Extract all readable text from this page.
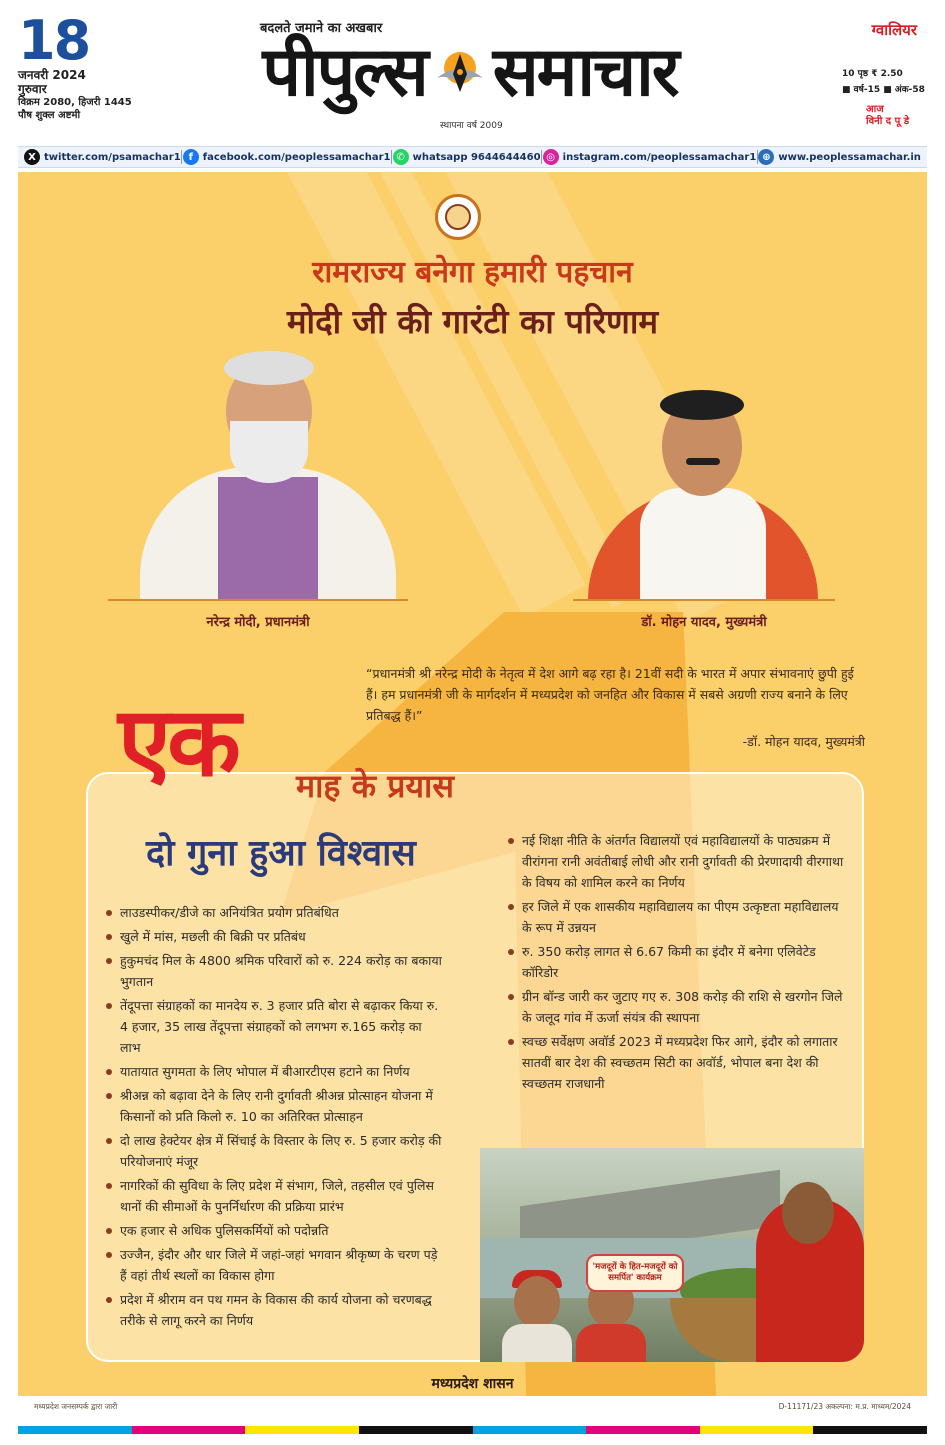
18
जनवरी 2024
गुरुवार
विक्रम 2080, हिजरी 1445
पौष शुक्ल अष्टमी
बदलते जमाने का अखबार
पीपुल्स समाचार
स्थापना वर्ष 2009
ग्वालियर
10 पृष्ठ ₹ 2.50
■ वर्ष-15 ■ अंक-58
आज
विनी द पू डे
X twitter.com/psamachar1 f facebook.com/peoplessamachar1 ✆ whatsapp 9644644460 ◎ instagram.com/peoplessamachar1 ⊕ www.peoplessamachar.in
रामराज्य बनेगा हमारी पहचान
मोदी जी की गारंटी का परिणाम
नरेन्द्र मोदी, प्रधानमंत्री	डॉ. मोहन यादव, मुख्यमंत्री

“प्रधानमंत्री श्री नरेन्द्र मोदी के नेतृत्व में देश आगे बढ़ रहा है। 21वीं सदी के भारत में अपार संभावनाएं छुपी हुई हैं। हम प्रधानमंत्री जी के मार्गदर्शन में मध्यप्रदेश को जनहित और विकास में सबसे अग्रणी राज्य बनाने के लिए प्रतिबद्ध हैं।”

-डॉ. मोहन यादव, मुख्यमंत्री
एक माह के प्रयास
दो गुना हुआ विश्वास
लाउडस्पीकर/डीजे का अनियंत्रित प्रयोग प्रतिबंधित
खुले में मांस, मछली की बिक्री पर प्रतिबंध
हुकुमचंद मिल के 4800 श्रमिक परिवारों को रु. 224 करोड़ का बकाया भुगतान
तेंदूपत्ता संग्राहकों का मानदेय रु. 3 हजार प्रति बोरा से बढ़ाकर किया रु. 4 हजार, 35 लाख तेंदूपत्ता संग्राहकों को लगभग रु.165 करोड़ का लाभ
यातायात सुगमता के लिए भोपाल में बीआरटीएस हटाने का निर्णय
श्रीअन्न को बढ़ावा देने के लिए रानी दुर्गावती श्रीअन्न प्रोत्साहन योजना में किसानों को प्रति किलो रु. 10 का अतिरिक्त प्रोत्साहन
दो लाख हेक्टेयर क्षेत्र में सिंचाई के विस्तार के लिए रु. 5 हजार करोड़ की परियोजनाएं मंजूर
नागरिकों की सुविधा के लिए प्रदेश में संभाग, जिले, तहसील एवं पुलिस थानों की सीमाओं के पुनर्निर्धारण की प्रक्रिया प्रारंभ
एक हजार से अधिक पुलिसकर्मियों को पदोन्नति
उज्जैन, इंदौर और धार जिले में जहां-जहां भगवान श्रीकृष्ण के चरण पड़े हैं वहां तीर्थ स्थलों का विकास होगा
प्रदेश में श्रीराम वन पथ गमन के विकास की कार्य योजना को चरणबद्ध तरीके से लागू करने का निर्णय
नई शिक्षा नीति के अंतर्गत विद्यालयों एवं महाविद्यालयों के पाठ्यक्रम में वीरांगना रानी अवंतीबाई लोधी और रानी दुर्गावती की प्रेरणादायी वीरगाथा के विषय को शामिल करने का निर्णय
हर जिले में एक शासकीय महाविद्यालय का पीएम उत्कृष्टता महाविद्यालय के रूप में उन्नयन
रु. 350 करोड़ लागत से 6.67 किमी का इंदौर में बनेगा एलिवेटेड कॉरिडोर
ग्रीन बॉन्ड जारी कर जुटाए गए रु. 308 करोड़ की राशि से खरगोन जिले के जलूद गांव में ऊर्जा संयंत्र की स्थापना
स्वच्छ सर्वेक्षण अवॉर्ड 2023 में मध्यप्रदेश फिर आगे, इंदौर को लगातार सातवीं बार देश की स्वच्छतम सिटी का अवॉर्ड, भोपाल बना देश की स्वच्छतम राजधानी
'मजदूरों के हित-मजदूरों को समर्पित' कार्यक्रम
मध्यप्रदेश शासन
मध्यप्रदेश जनसम्पर्क द्वारा जारी	D-11171/23 अकल्पना: म.प्र. माध्यम/2024
